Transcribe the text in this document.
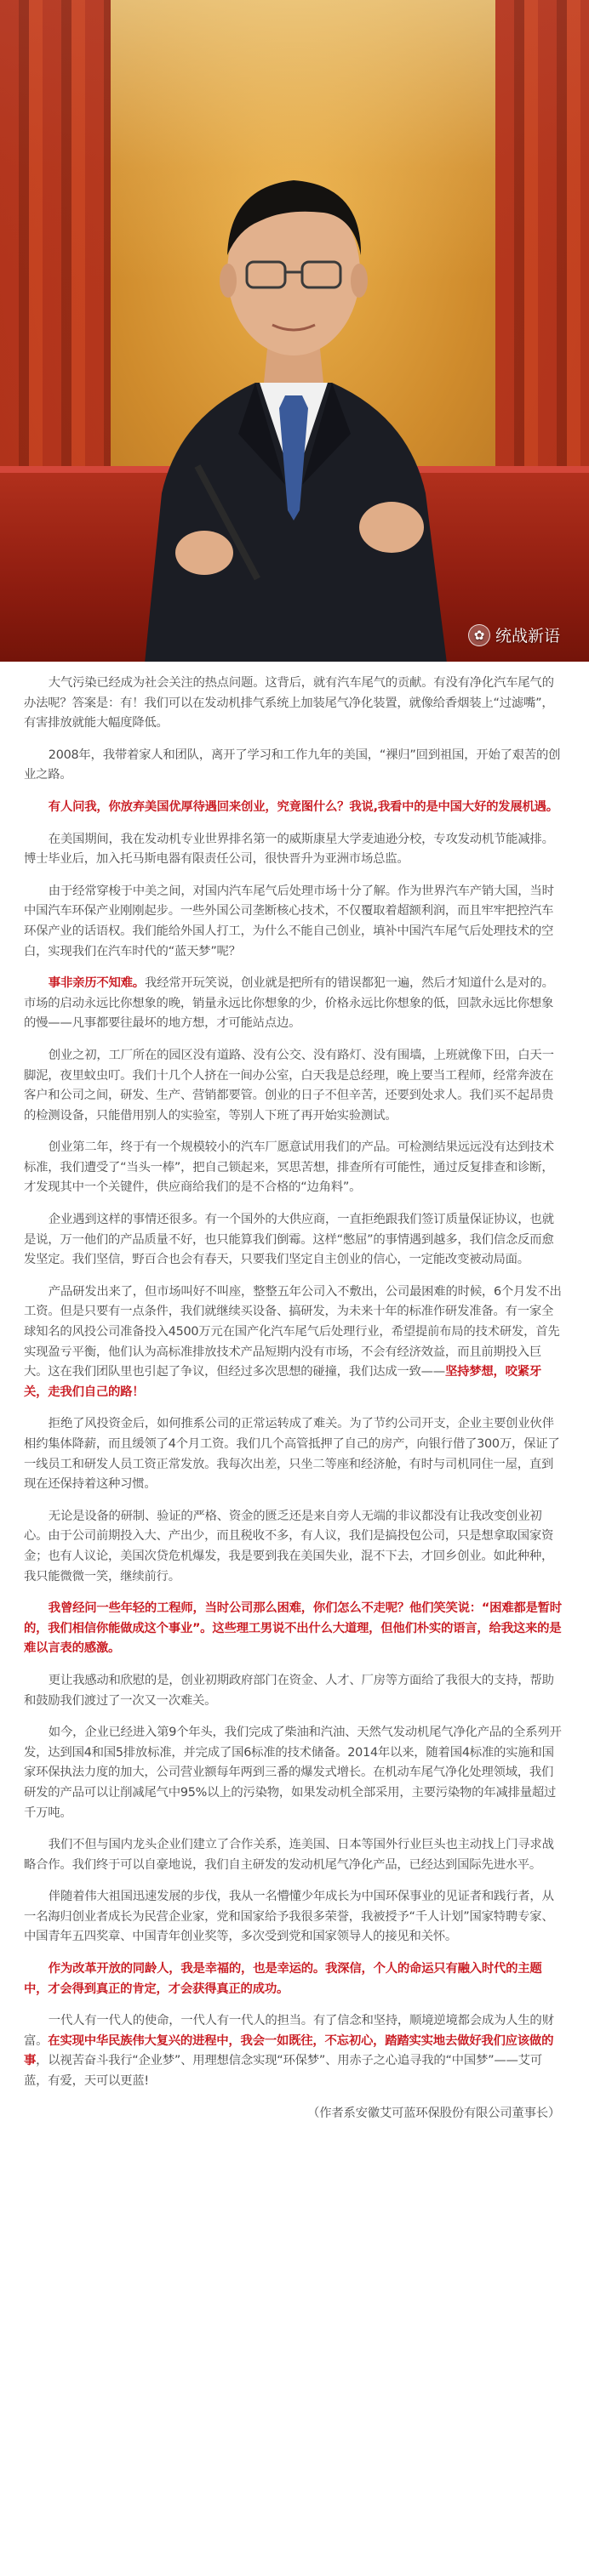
✿ 统战新语

大气污染已经成为社会关注的热点问题。这背后，就有汽车尾气的贡献。有没有净化汽车尾气的办法呢？答案是：有！我们可以在发动机排气系统上加装尾气净化装置，就像给香烟装上“过滤嘴”，有害排放就能大幅度降低。

2008年，我带着家人和团队，离开了学习和工作九年的美国，“裸归”回到祖国，开始了艰苦的创业之路。

有人问我，你放弃美国优厚待遇回来创业，究竟图什么？我说,我看中的是中国大好的发展机遇。

在美国期间，我在发动机专业世界排名第一的威斯康星大学麦迪逊分校，专攻发动机节能减排。博士毕业后，加入托马斯电器有限责任公司，很快晋升为亚洲市场总监。

由于经常穿梭于中美之间，对国内汽车尾气后处理市场十分了解。作为世界汽车产销大国，当时中国汽车环保产业刚刚起步。一些外国公司垄断核心技术，不仅覆取着超额利润，而且牢牢把控汽车环保产业的话语权。我们能给外国人打工，为什么不能自己创业，填补中国汽车尾气后处理技术的空白，实现我们在汽车时代的“蓝天梦”呢？

事非亲历不知难。我经常开玩笑说，创业就是把所有的错误都犯一遍，然后才知道什么是对的。市场的启动永远比你想象的晚，销量永远比你想象的少，价格永远比你想象的低，回款永远比你想象的慢——凡事都要往最坏的地方想，才可能站点边。

创业之初，工厂所在的园区没有道路、没有公交、没有路灯、没有围墙，上班就像下田，白天一脚泥，夜里蚊虫叮。我们十几个人挤在一间办公室，白天我是总经理，晚上要当工程师，经常奔波在客户和公司之间，研发、生产、营销都要管。创业的日子不但辛苦，还要到处求人。我们买不起昂贵的检测设备，只能借用别人的实验室，等别人下班了再开始实验测试。

创业第二年，终于有一个规模较小的汽车厂愿意试用我们的产品。可检测结果远远没有达到技术标准，我们遭受了“当头一棒”，把自己锁起来，冥思苦想，排查所有可能性，通过反复排查和诊断，才发现其中一个关键件，供应商给我们的是不合格的“边角料”。

企业遇到这样的事情还很多。有一个国外的大供应商，一直拒绝跟我们签订质量保证协议，也就是说，万一他们的产品质量不好，也只能算我们倒霉。这样“憋屈”的事情遇到越多，我们信念反而愈发坚定。我们坚信，野百合也会有春天，只要我们坚定自主创业的信心，一定能改变被动局面。

产品研发出来了，但市场叫好不叫座，整整五年公司入不敷出，公司最困难的时候，6个月发不出工资。但是只要有一点条件，我们就继续买设备、搞研发，为未来十年的标准作研发准备。有一家全球知名的风投公司准备投入4500万元在国产化汽车尾气后处理行业，希望提前布局的技术研发，首先实现盈亏平衡，他们认为高标准排放技术产品短期内没有市场，不会有经济效益，而且前期投入巨大。这在我们团队里也引起了争议，但经过多次思想的碰撞，我们达成一致——坚持梦想，咬紧牙关，走我们自己的路！

拒绝了风投资金后，如何推系公司的正常运转成了难关。为了节约公司开支，企业主要创业伙伴相约集体降薪，而且缓领了4个月工资。我们几个高管抵押了自己的房产，向银行借了300万，保证了一线员工和研发人员工资正常发放。我每次出差，只坐二等座和经济舱，有时与司机同住一屋，直到现在还保持着这种习惯。

无论是设备的研制、验证的严格、资金的匮乏还是来自旁人无端的非议都没有让我改变创业初心。由于公司前期投入大、产出少，而且税收不多，有人议，我们是搞投包公司，只是想拿取国家资金；也有人议论，美国次贷危机爆发，我是要到我在美国失业，混不下去，才回乡创业。如此种种，我只能微微一笑，继续前行。

我曾经问一些年轻的工程师，当时公司那么困难，你们怎么不走呢？他们笑笑说：“困难都是暂时的，我们相信你能做成这个事业”。这些理工男说不出什么大道理，但他们朴实的语言，给我这来的是难以言表的感激。

更让我感动和欣慰的是，创业初期政府部门在资金、人才、厂房等方面给了我很大的支持，帮助和鼓励我们渡过了一次又一次难关。

如今，企业已经进入第9个年头，我们完成了柴油和汽油、天然气发动机尾气净化产品的全系列开发，达到国4和国5排放标准，并完成了国6标准的技术储备。2014年以来，随着国4标准的实施和国家环保执法力度的加大，公司营业额每年两到三番的爆发式增长。在机动车尾气净化处理领域，我们研发的产品可以让削减尾气中95%以上的污染物，如果发动机全部采用，主要污染物的年减排量超过千万吨。

我们不但与国内龙头企业们建立了合作关系，连美国、日本等国外行业巨头也主动找上门寻求战略合作。我们终于可以自豪地说，我们自主研发的发动机尾气净化产品，已经达到国际先进水平。

伴随着伟大祖国迅速发展的步伐，我从一名懵懂少年成长为中国环保事业的见证者和践行者，从一名海归创业者成长为民营企业家，党和国家给予我很多荣誉，我被授予“千人计划”国家特聘专家、中国青年五四奖章、中国青年创业奖等，多次受到党和国家领导人的接见和关怀。

作为改革开放的同龄人，我是幸福的，也是幸运的。我深信，个人的命运只有融入时代的主题中，才会得到真正的肯定，才会获得真正的成功。

一代人有一代人的使命，一代人有一代人的担当。有了信念和坚持，顺境逆境都会成为人生的财富。在实现中华民族伟大复兴的进程中，我会一如既往，不忘初心，踏踏实实地去做好我们应该做的事，以视苦奋斗我行“企业梦”、用理想信念实现“环保梦”、用赤子之心追寻我的“中国梦”——艾可蓝，有爱，天可以更蓝!

（作者系安徽艾可蓝环保股份有限公司董事长）
